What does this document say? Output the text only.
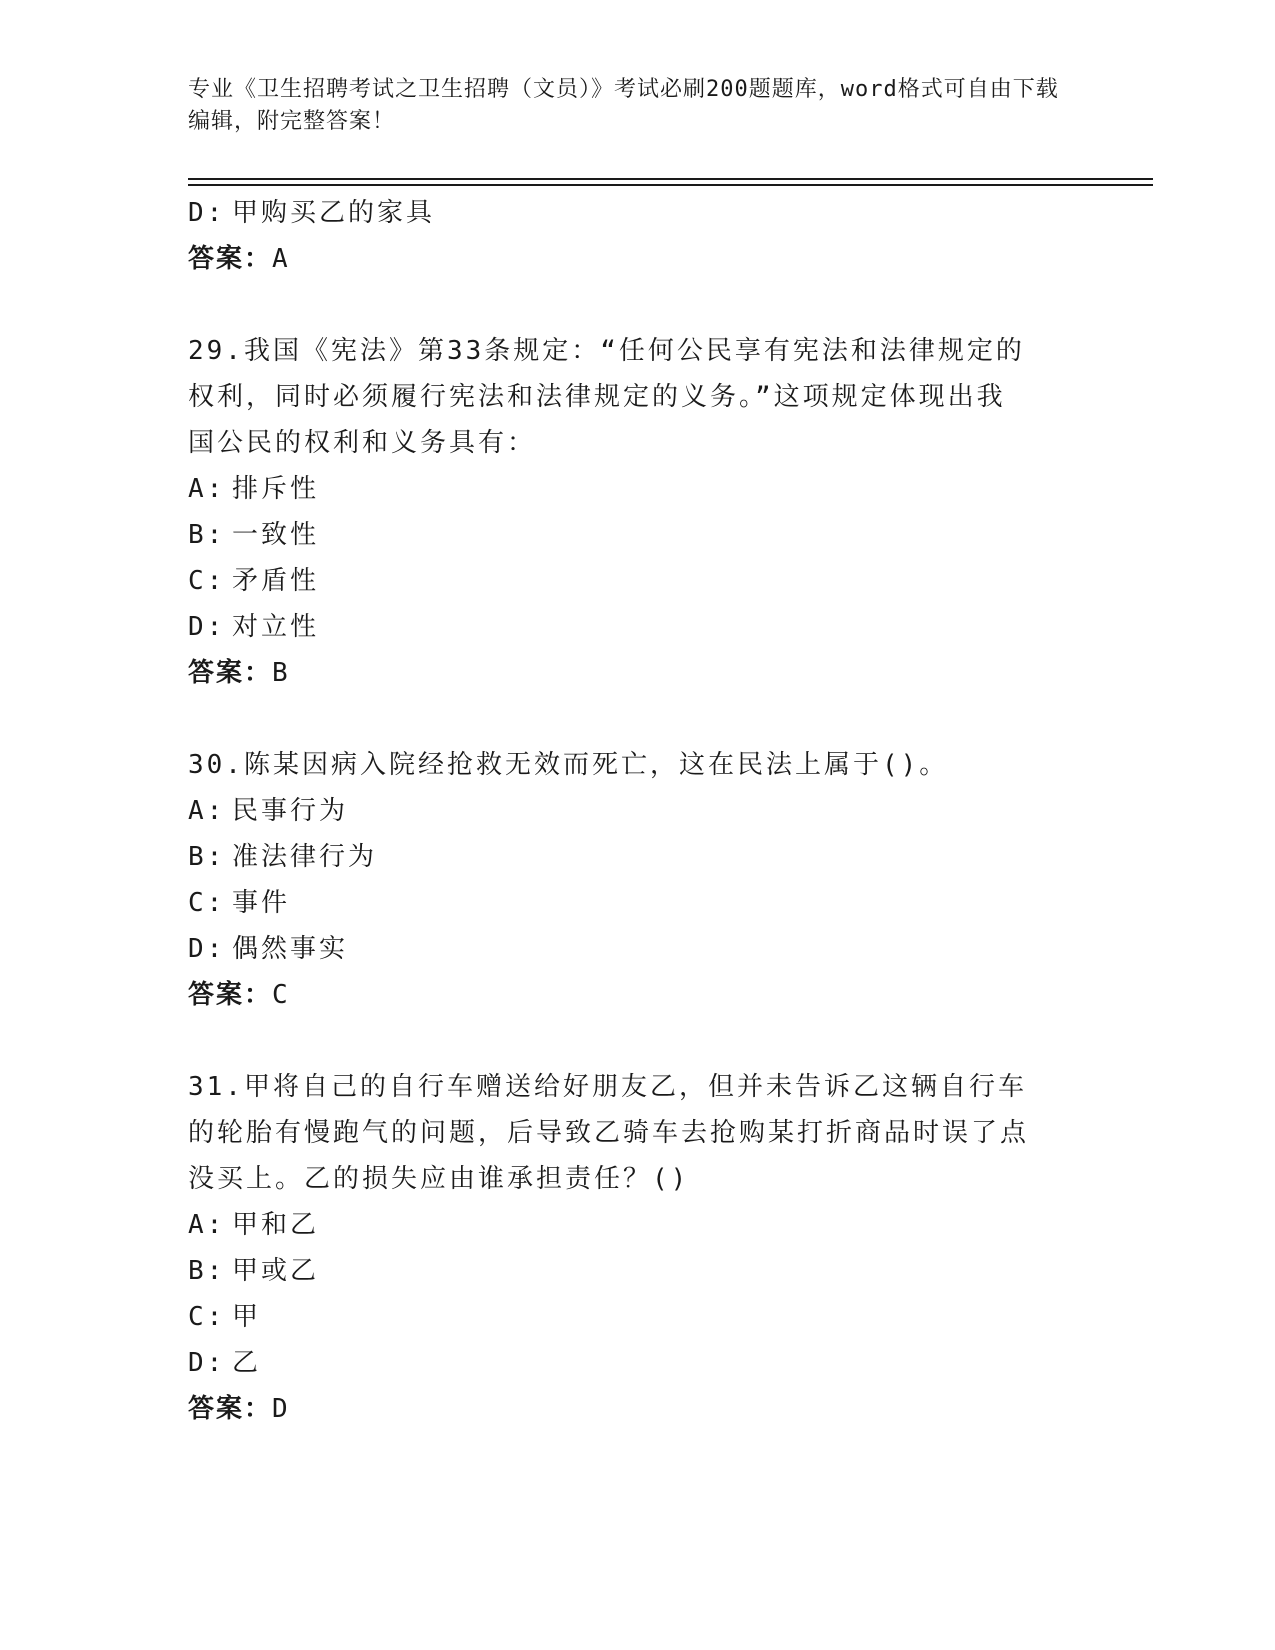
专业《卫生招聘考试之卫生招聘（文员）》考试必刷200题题库，word格式可自由下载编辑，附完整答案！
D: 甲购买乙的家具
答案：A
29.我国《宪法》第33条规定：“任何公民享有宪法和法律规定的权利，同时必须履行宪法和法律规定的义务。”这项规定体现出我国公民的权利和义务具有：
A: 排斥性
B: 一致性
C: 矛盾性
D: 对立性
答案：B
30.陈某因病入院经抢救无效而死亡，这在民法上属于()。
A: 民事行为
B: 准法律行为
C: 事件
D: 偶然事实
答案：C
31.甲将自己的自行车赠送给好朋友乙，但并未告诉乙这辆自行车的轮胎有慢跑气的问题，后导致乙骑车去抢购某打折商品时误了点没买上。乙的损失应由谁承担责任？()
A: 甲和乙
B: 甲或乙
C: 甲
D: 乙
答案：D
